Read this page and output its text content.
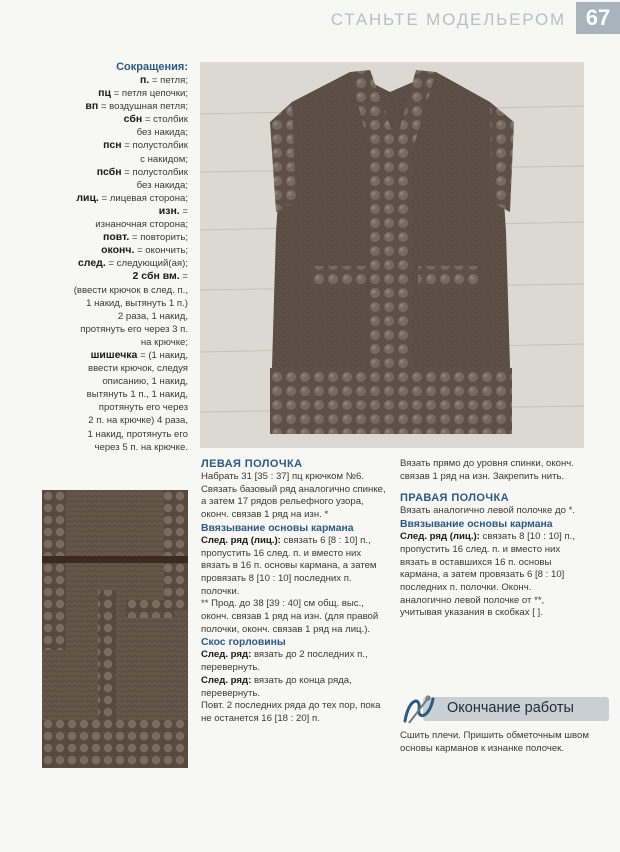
СТАНЬТЕ МОДЕЛЬЕРОМ 67
Сокращения:
п. = петля;
пц = петля цепочки;
вп = воздушная петля;
сбн = столбик
без накида;
псн = полустолбик
с накидом;
псбн = полустолбик
без накида;
лиц. = лицевая сторона;
изн. =
изнаночная сторона;
повт. = повторить;
оконч. = окончить;
след. = следующий(ая);
2 сбн вм. =
(ввести крючок в след. п.,
1 накид, вытянуть 1 п.)
2 раза, 1 накид,
протянуть его через 3 п.
на крючке;
шишечка = (1 накид,
ввести крючок, следуя
описанию, 1 накид,
вытянуть 1 п., 1 накид,
протянуть его через
2 п. на крючке) 4 раза,
1 накид, протянуть его
через 5 п. на крючке.
ЛЕВАЯ ПОЛОЧКА

Набрать 31 [35 : 37] пц крючком №6. Связать базовый ряд аналогично спинке, а затем 17 рядов рельефного узора, оконч. связав 1 ряд на изн. *

Ввязывание основы кармана

След. ряд (лиц.): связать 6 [8 : 10] п., пропустить 16 след. п. и вместо них вязать в 16 п. основы кармана, а затем провязать 8 [10 : 10] последних п. полочки.

** Прод. до 38 [39 : 40] см общ. выс., оконч. связав 1 ряд на изн. (для правой полочки, оконч. связав 1 ряд на лиц.).

Скос горловины

След. ряд: вязать до 2 последних п., перевернуть.

След. ряд: вязать до конца ряда, перевернуть.

Повт. 2 последних ряда до тех пор, пока не останется 16 [18 : 20] п.

Вязать прямо до уровня спинки, оконч. связав 1 ряд на изн. Закрепить нить.

ПРАВАЯ ПОЛОЧКА

Вязать аналогично левой полочке до *.

Ввязывание основы кармана

След. ряд (лиц.): связать 8 [10 : 10] п., пропустить 16 след. п. и вместо них вязать в оставшихся 16 п. основы кармана, а затем провязать 6 [8 : 10] последних п. полочки. Оконч. аналогично левой полочке от **, учитывая указания в скобках [ ].

Окончание работы
Сшить плечи. Пришить обметочным швом основы карманов к изнанке полочек.
